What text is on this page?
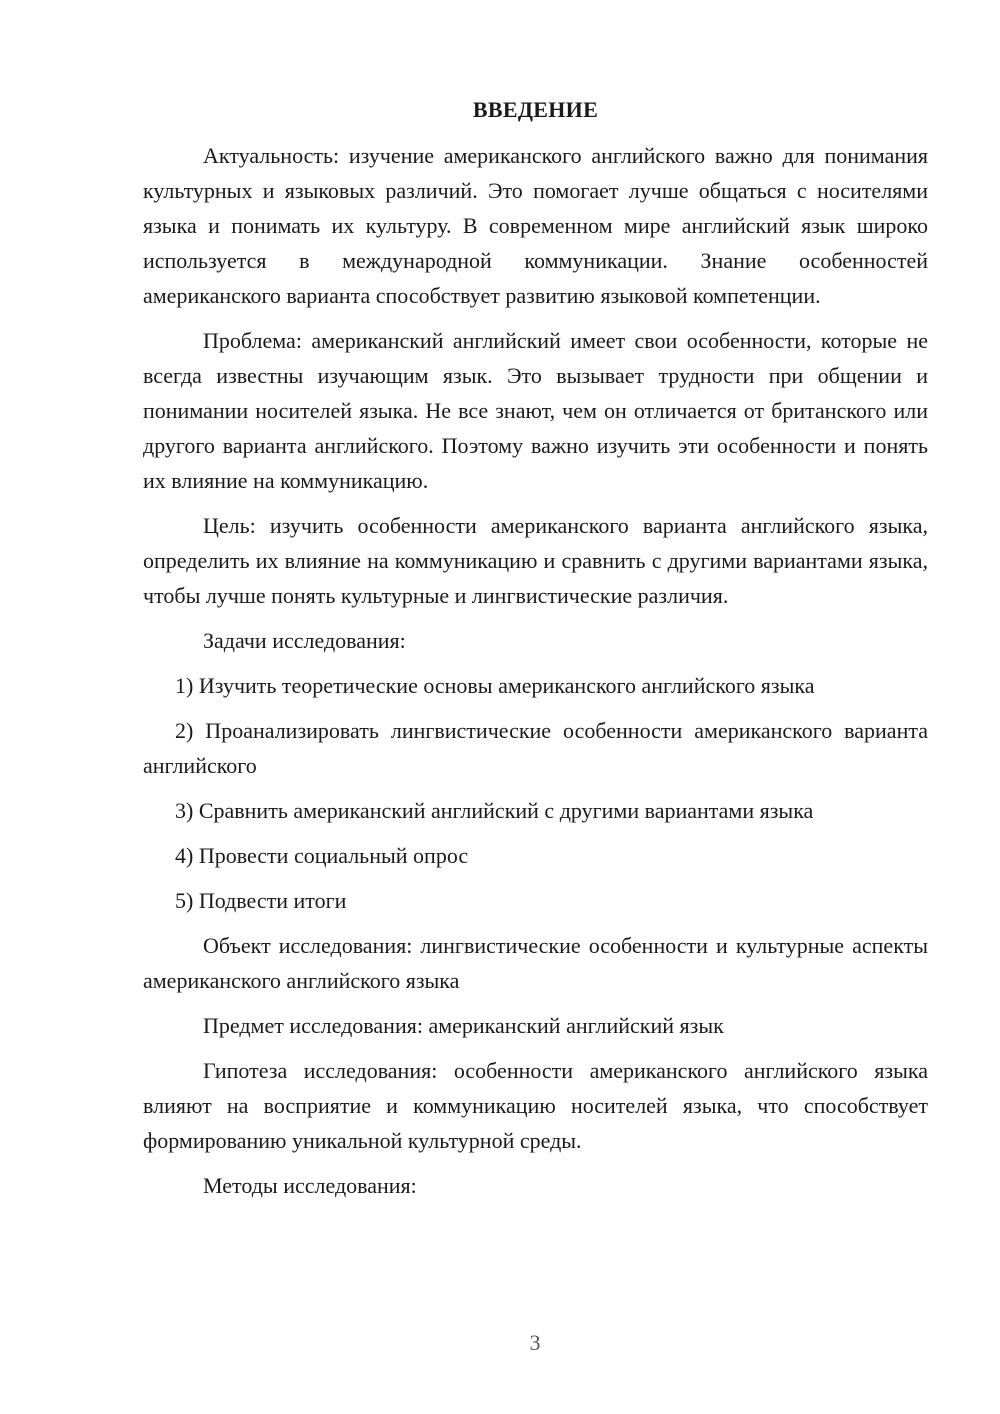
ВВЕДЕНИЕ

Актуальность: изучение американского английского важно для понимания культурных и языковых различий. Это помогает лучше общаться с носителями языка и понимать их культуру. В современном мире английский язык широко используется в международной коммуникации. Знание особенностей американского варианта способствует развитию языковой компетенции.

Проблема: американский английский имеет свои особенности, которые не всегда известны изучающим язык. Это вызывает трудности при общении и понимании носителей языка. Не все знают, чем он отличается от британского или другого варианта английского. Поэтому важно изучить эти особенности и понять их влияние на коммуникацию.

Цель: изучить особенности американского варианта английского языка, определить их влияние на коммуникацию и сравнить с другими вариантами языка, чтобы лучше понять культурные и лингвистические различия.

Задачи исследования:

1) Изучить теоретические основы американского английского языка

2) Проанализировать лингвистические особенности американского варианта английского

3) Сравнить американский английский с другими вариантами языка

4) Провести социальный опрос

5) Подвести итоги

Объект исследования: лингвистические особенности и культурные аспекты американского английского языка

Предмет исследования: американский английский язык

Гипотеза исследования: особенности американского английского языка влияют на восприятие и коммуникацию носителей языка, что способствует формированию уникальной культурной среды.

Методы исследования:

3
